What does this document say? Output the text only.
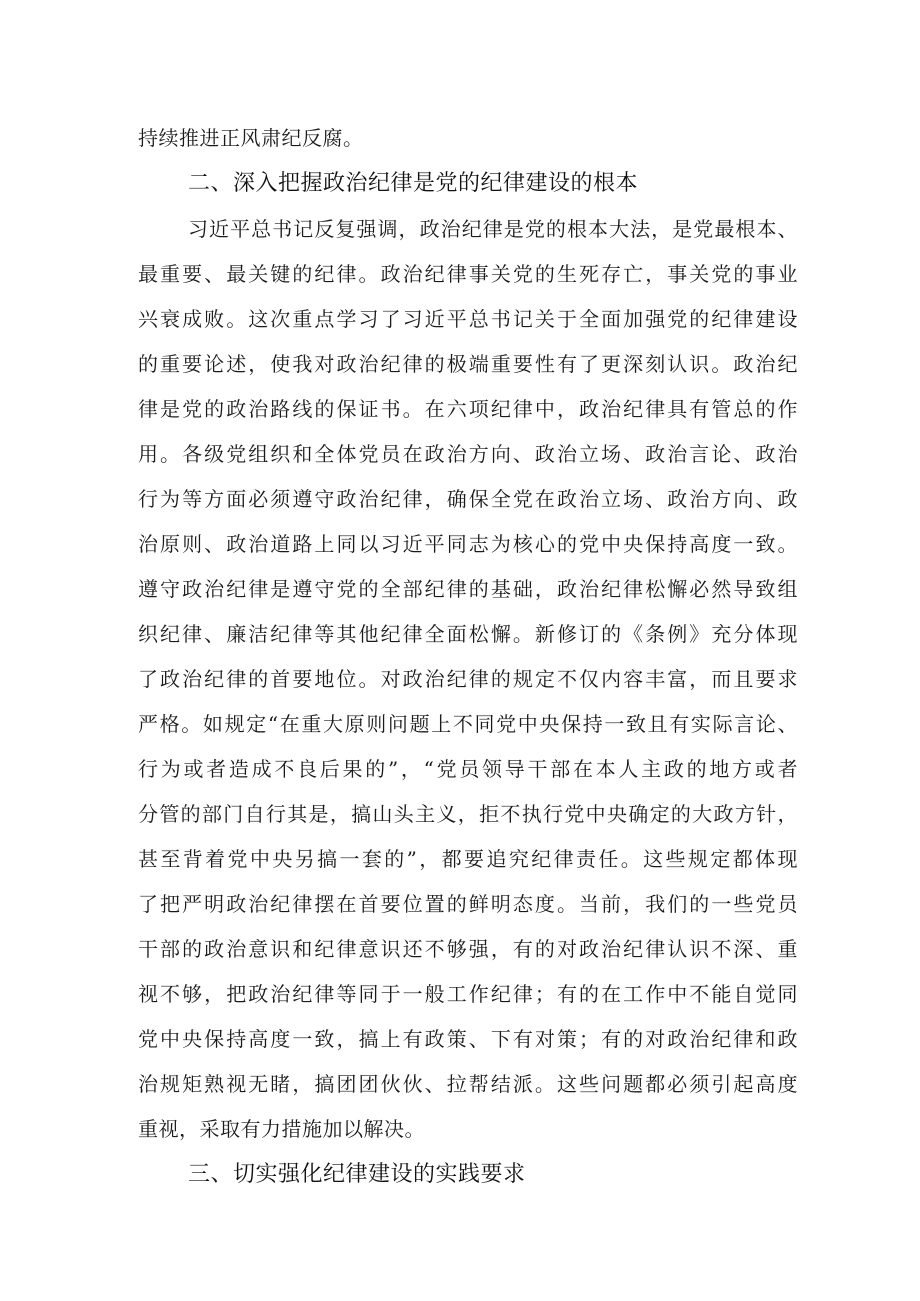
持续推进正风肃纪反腐。
二、深入把握政治纪律是党的纪律建设的根本
习近平总书记反复强调，政治纪律是党的根本大法，是党最根本、
最重要、最关键的纪律。政治纪律事关党的生死存亡，事关党的事业
兴衰成败。这次重点学习了习近平总书记关于全面加强党的纪律建设
的重要论述，使我对政治纪律的极端重要性有了更深刻认识。政治纪
律是党的政治路线的保证书。在六项纪律中，政治纪律具有管总的作
用。各级党组织和全体党员在政治方向、政治立场、政治言论、政治
行为等方面必须遵守政治纪律，确保全党在政治立场、政治方向、政
治原则、政治道路上同以习近平同志为核心的党中央保持高度一致。
遵守政治纪律是遵守党的全部纪律的基础，政治纪律松懈必然导致组
织纪律、廉洁纪律等其他纪律全面松懈。新修订的《条例》充分体现
了政治纪律的首要地位。对政治纪律的规定不仅内容丰富，而且要求
严格。如规定“在重大原则问题上不同党中央保持一致且有实际言论、
行为或者造成不良后果的”，“党员领导干部在本人主政的地方或者
分管的部门自行其是，搞山头主义，拒不执行党中央确定的大政方针，
甚至背着党中央另搞一套的”，都要追究纪律责任。这些规定都体现
了把严明政治纪律摆在首要位置的鲜明态度。当前，我们的一些党员
干部的政治意识和纪律意识还不够强，有的对政治纪律认识不深、重
视不够，把政治纪律等同于一般工作纪律；有的在工作中不能自觉同
党中央保持高度一致，搞上有政策、下有对策；有的对政治纪律和政
治规矩熟视无睹，搞团团伙伙、拉帮结派。这些问题都必须引起高度
重视，采取有力措施加以解决。
三、切实强化纪律建设的实践要求
